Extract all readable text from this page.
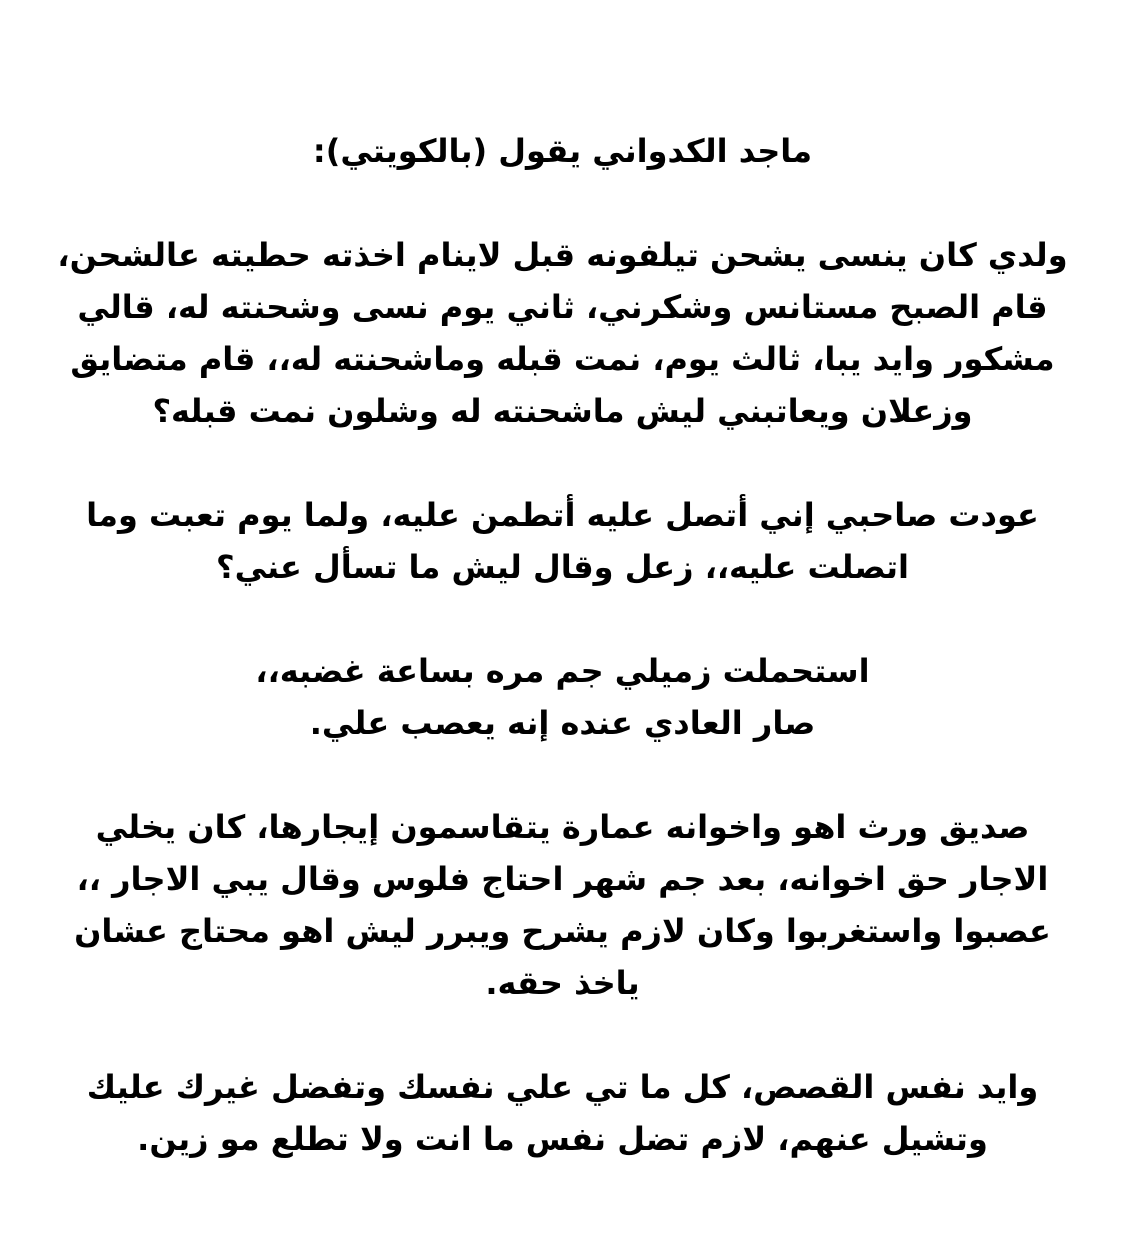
ماجد الكدواني يقول (بالكويتي):
ولدي كان ينسى يشحن تيلفونه قبل لاينام اخذته حطيته عالشحن،
قام الصبح مستانس وشكرني، ثاني يوم نسى وشحنته له، قالي
مشكور وايد يبا، ثالث يوم، نمت قبله وماشحنته له،، قام متضايق
وزعلان ويعاتبني ليش ماشحنته له وشلون نمت قبله؟
عودت صاحبي إني أتصل عليه أتطمن عليه، ولما يوم تعبت وما
اتصلت عليه،، زعل وقال ليش ما تسأل عني؟
استحملت زميلي جم مره بساعة غضبه،،
صار العادي عنده إنه يعصب علي.
صديق ورث اهو واخوانه عمارة يتقاسمون إيجارها، كان يخلي
الاجار حق اخوانه، بعد جم شهر احتاج فلوس وقال يبي الاجار ،،
عصبوا واستغربوا وكان لازم يشرح ويبرر ليش اهو محتاج عشان
ياخذ حقه.
وايد نفس القصص، كل ما تي علي نفسك وتفضل غيرك عليك
وتشيل عنهم، لازم تضل نفس ما انت ولا تطلع مو زين.
